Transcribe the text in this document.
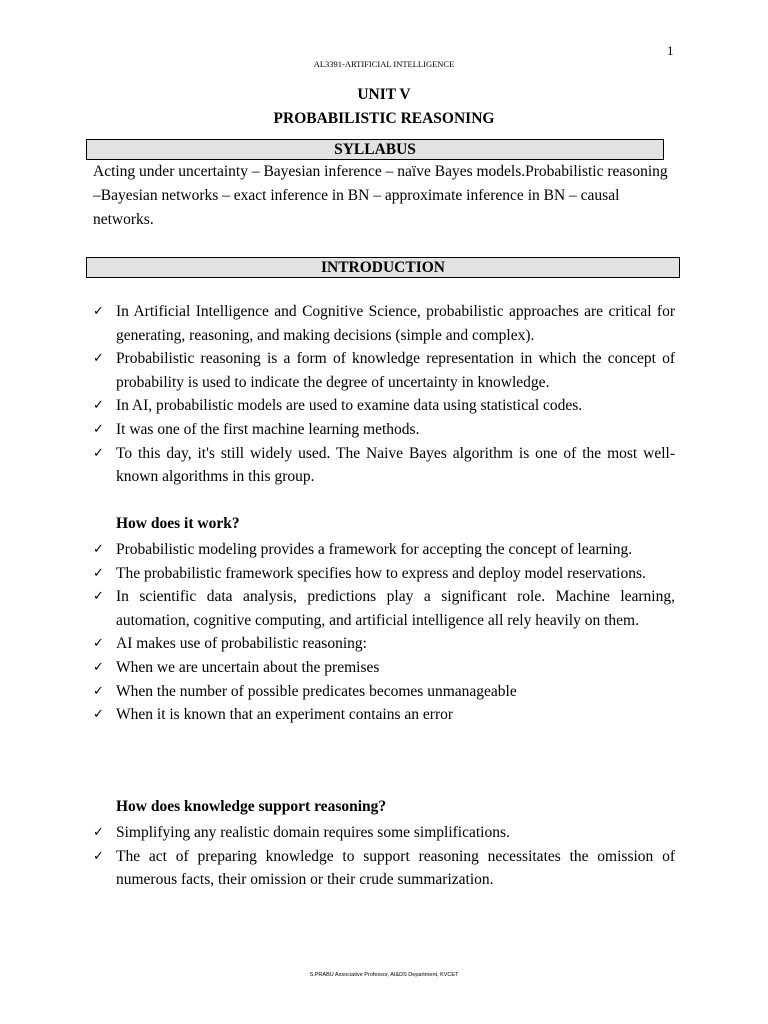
1
AL3391-ARTIFICIAL INTELLIGENCE
UNIT V
PROBABILISTIC REASONING
SYLLABUS
Acting under uncertainty – Bayesian inference – naïve Bayes models.Probabilistic reasoning –Bayesian networks – exact inference in BN – approximate inference in BN – causal networks.
INTRODUCTION
✓ In Artificial Intelligence and Cognitive Science, probabilistic approaches are critical for generating, reasoning, and making decisions (simple and complex).
✓ Probabilistic reasoning is a form of knowledge representation in which the concept of probability is used to indicate the degree of uncertainty in knowledge.
✓ In AI, probabilistic models are used to examine data using statistical codes.
✓ It was one of the first machine learning methods.
✓ To this day, it's still widely used. The Naive Bayes algorithm is one of the most well-known algorithms in this group.
How does it work?
✓ Probabilistic modeling provides a framework for accepting the concept of learning.
✓ The probabilistic framework specifies how to express and deploy model reservations.
✓ In scientific data analysis, predictions play a significant role. Machine learning, automation, cognitive computing, and artificial intelligence all rely heavily on them.
✓ AI makes use of probabilistic reasoning:
✓ When we are uncertain about the premises
✓ When the number of possible predicates becomes unmanageable
✓ When it is known that an experiment contains an error
How does knowledge support reasoning?
✓ Simplifying any realistic domain requires some simplifications.
✓ The act of preparing knowledge to support reasoning necessitates the omission of numerous facts, their omission or their crude summarization.
S.PRABU Associative Professor, AI&DS Department, KVCET
